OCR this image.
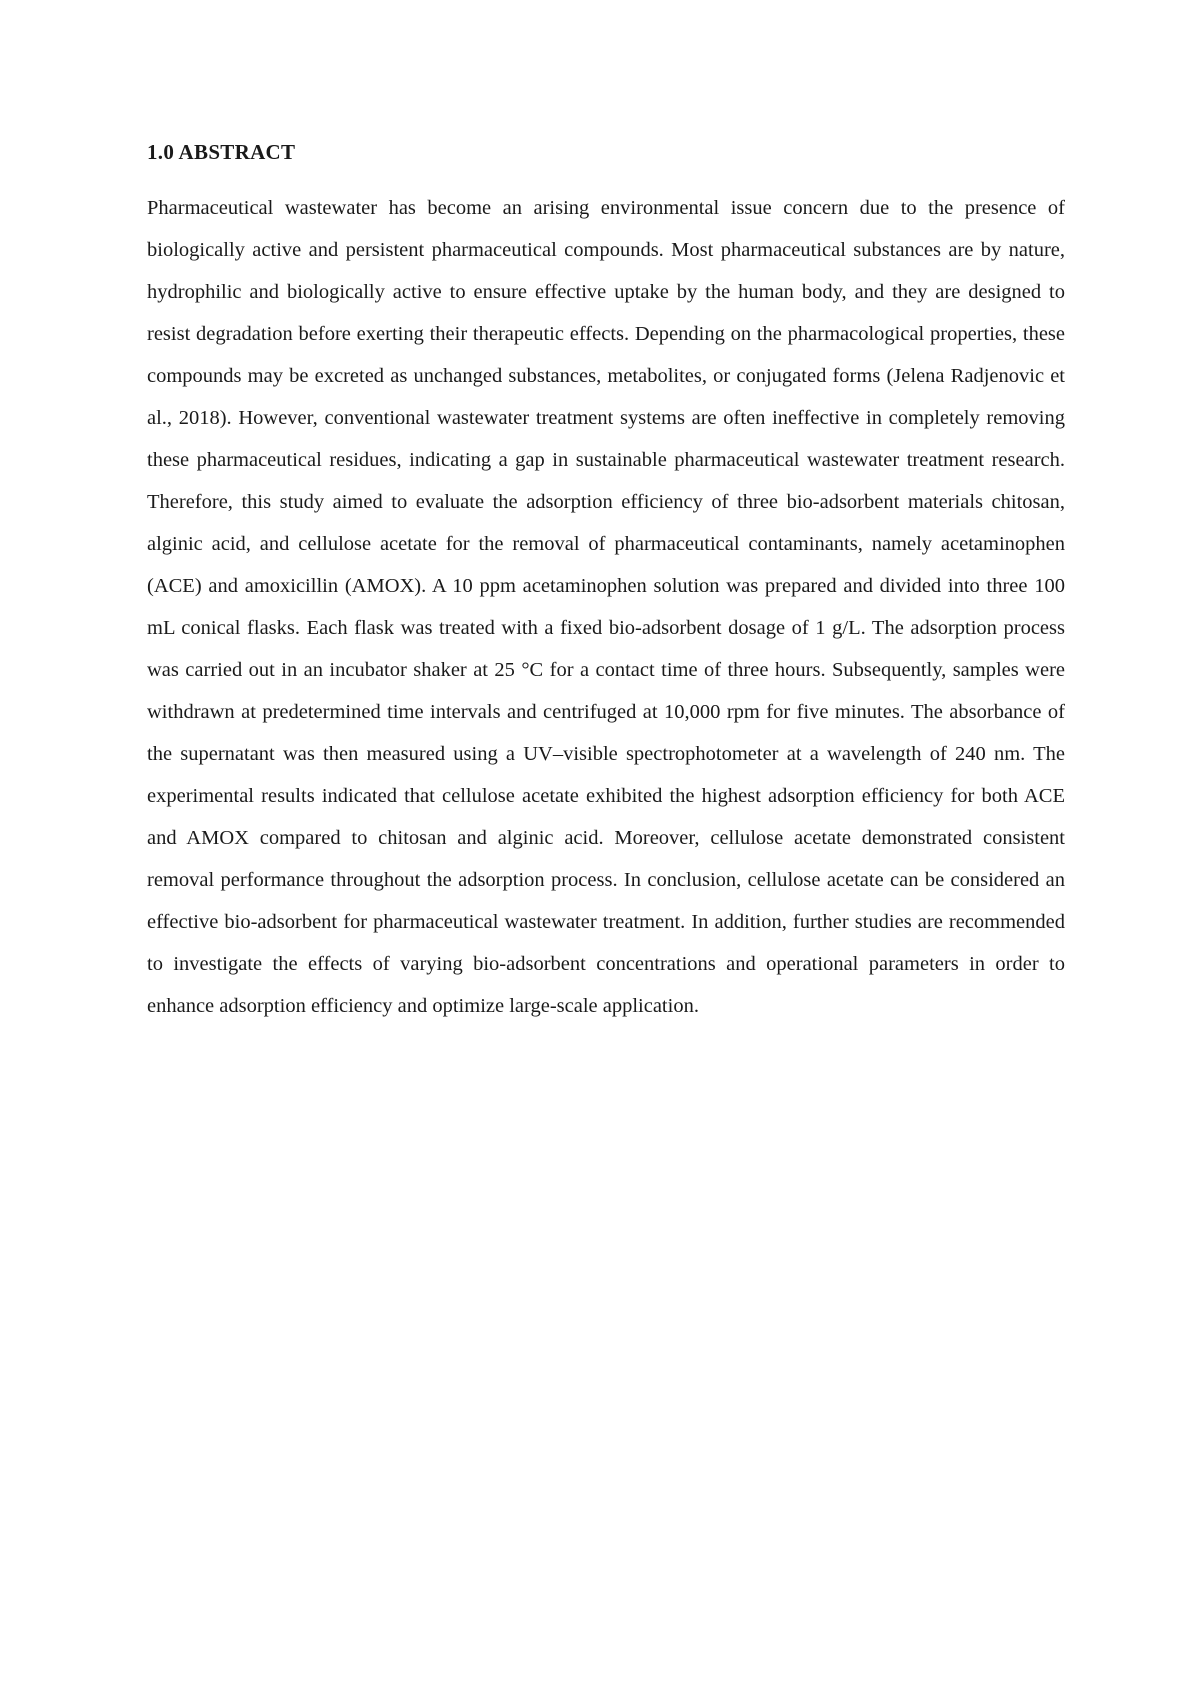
1.0 ABSTRACT

Pharmaceutical wastewater has become an arising environmental issue concern due to the presence of biologically active and persistent pharmaceutical compounds. Most pharmaceutical substances are by nature, hydrophilic and biologically active to ensure effective uptake by the human body, and they are designed to resist degradation before exerting their therapeutic effects. Depending on the pharmacological properties, these compounds may be excreted as unchanged substances, metabolites, or conjugated forms (Jelena Radjenovic et al., 2018). However, conventional wastewater treatment systems are often ineffective in completely removing these pharmaceutical residues, indicating a gap in sustainable pharmaceutical wastewater treatment research. Therefore, this study aimed to evaluate the adsorption efficiency of three bio-adsorbent materials chitosan, alginic acid, and cellulose acetate for the removal of pharmaceutical contaminants, namely acetaminophen (ACE) and amoxicillin (AMOX). A 10 ppm acetaminophen solution was prepared and divided into three 100 mL conical flasks. Each flask was treated with a fixed bio-adsorbent dosage of 1 g/L. The adsorption process was carried out in an incubator shaker at 25 °C for a contact time of three hours. Subsequently, samples were withdrawn at predetermined time intervals and centrifuged at 10,000 rpm for five minutes. The absorbance of the supernatant was then measured using a UV–visible spectrophotometer at a wavelength of 240 nm. The experimental results indicated that cellulose acetate exhibited the highest adsorption efficiency for both ACE and AMOX compared to chitosan and alginic acid. Moreover, cellulose acetate demonstrated consistent removal performance throughout the adsorption process. In conclusion, cellulose acetate can be considered an effective bio-adsorbent for pharmaceutical wastewater treatment. In addition, further studies are recommended to investigate the effects of varying bio-adsorbent concentrations and operational parameters in order to enhance adsorption efficiency and optimize large-scale application.
